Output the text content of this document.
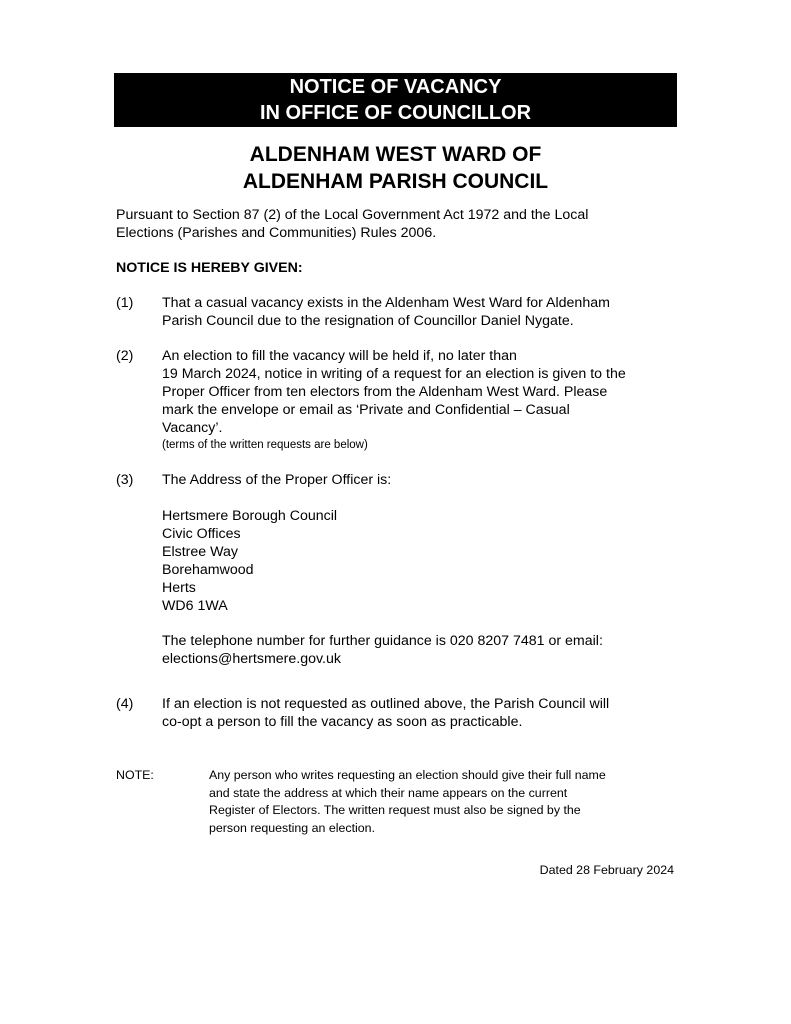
NOTICE OF VACANCY
IN OFFICE OF COUNCILLOR
ALDENHAM WEST WARD OF
ALDENHAM PARISH COUNCIL
Pursuant to Section 87 (2) of the Local Government Act 1972 and the Local
Elections (Parishes and Communities) Rules 2006.
NOTICE IS HEREBY GIVEN:
(1) That a casual vacancy exists in the Aldenham West Ward for Aldenham
Parish Council due to the resignation of Councillor Daniel Nygate.
(2) An election to fill the vacancy will be held if, no later than
19 March 2024, notice in writing of a request for an election is given to the
Proper Officer from ten electors from the Aldenham West Ward. Please
mark the envelope or email as ‘Private and Confidential – Casual
Vacancy’.
(terms of the written requests are below)
(3) The Address of the Proper Officer is:
Hertsmere Borough Council
Civic Offices
Elstree Way
Borehamwood
Herts
WD6 1WA
The telephone number for further guidance is 020 8207 7481 or email:
elections@hertsmere.gov.uk
(4) If an election is not requested as outlined above, the Parish Council will
co-opt a person to fill the vacancy as soon as practicable.
NOTE:	Any person who writes requesting an election should give their full name
and state the address at which their name appears on the current
Register of Electors. The written request must also be signed by the
person requesting an election.
Dated 28 February 2024
